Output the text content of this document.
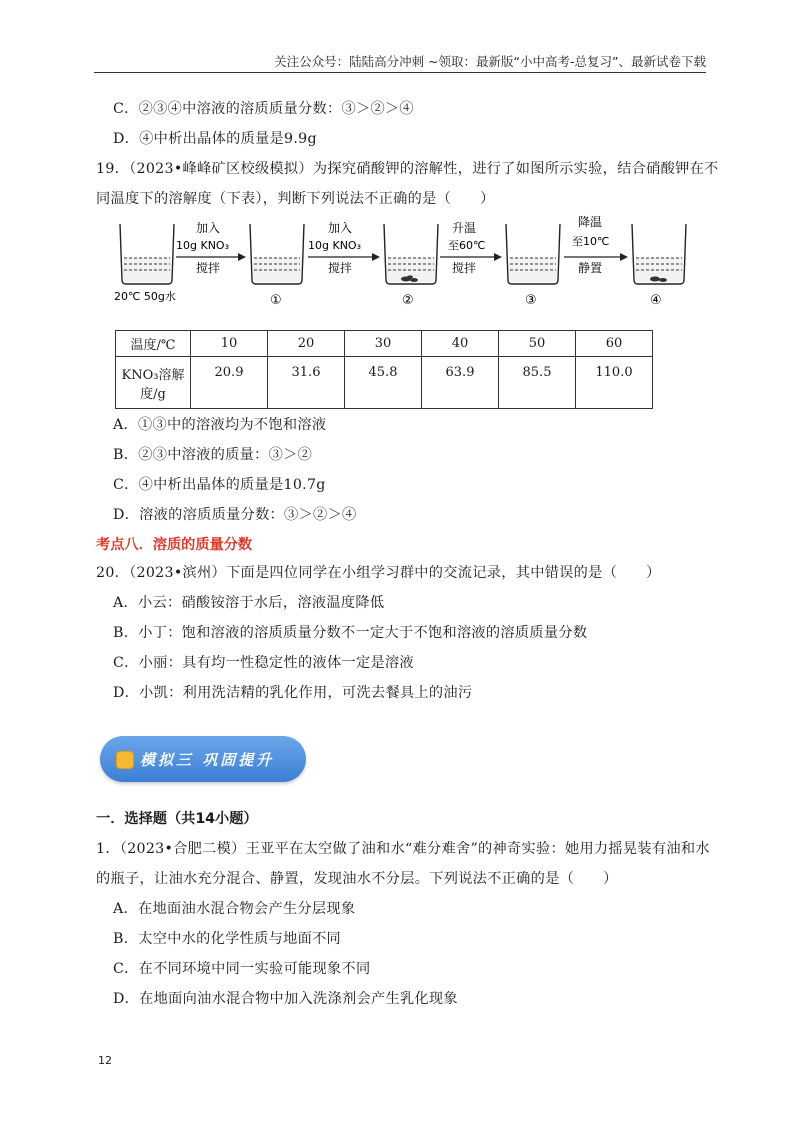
关注公众号：陆陆高分冲刺 ~领取：最新版“小中高考-总复习”、最新试卷下载
C．②③④中溶液的溶质质量分数：③＞②＞④
D．④中析出晶体的质量是9.9g
19．（2023•峰峰矿区校级模拟）为探究硝酸钾的溶解性，进行了如图所示实验，结合硝酸钾在不
同温度下的溶解度（下表），判断下列说法不正确的是（　　）
20℃ 50g水
加入
10g KNO₃
搅拌
①
加入
10g KNO₃
搅拌
②
升温
至60℃
搅拌
③
降温
至10℃
静置
④
温度/℃	10	20	30	40	50	60

KNO₃溶解
度/g	20.9	31.6	45.8	63.9	85.5	110.0
A．①③中的溶液均为不饱和溶液
B．②③中溶液的质量：③＞②
C．④中析出晶体的质量是10.7g
D．溶液的溶质质量分数：③＞②＞④
考点八．溶质的质量分数
20．（2023•滨州）下面是四位同学在小组学习群中的交流记录，其中错误的是（　　）
A．小云：硝酸铵溶于水后，溶液温度降低
B．小丁：饱和溶液的溶质质量分数不一定大于不饱和溶液的溶质质量分数
C．小丽：具有均一性稳定性的液体一定是溶液
D．小凯：利用洗洁精的乳化作用，可洗去餐具上的油污
模拟三 巩固提升
一．选择题（共14小题）
1．（2023•合肥二模）王亚平在太空做了油和水“难分难舍”的神奇实验：她用力摇晃装有油和水
的瓶子，让油水充分混合、静置，发现油水不分层。下列说法不正确的是（　　）
A．在地面油水混合物会产生分层现象
B．太空中水的化学性质与地面不同
C．在不同环境中同一实验可能现象不同
D．在地面向油水混合物中加入洗涤剂会产生乳化现象
12
